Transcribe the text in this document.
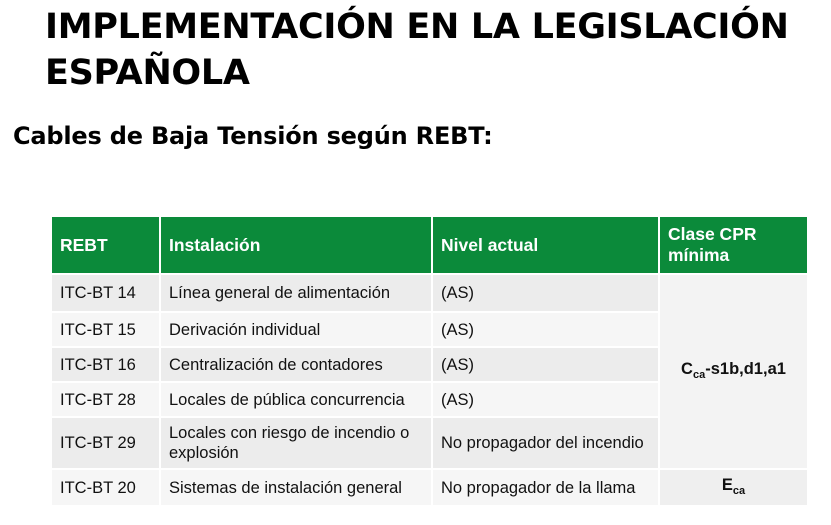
IMPLEMENTACIÓN EN LA LEGISLACIÓN ESPAÑOLA
Cables de Baja Tensión según REBT:
REBT	Instalación	Nivel actual	Clase CPR mínima
ITC-BT 14	Línea general de alimentación	(AS)	$C_{ca}-s1b,d1,a1$
ITC-BT 15	Derivación individual	(AS)	
ITC-BT 16	Centralización de contadores	(AS)	
ITC-BT 28	Locales de pública concurrencia	(AS)	
ITC-BT 29	Locales con riesgo de incendio o explosión	No propagador del incendio	
ITC-BT 20	Sistemas de instalación general	No propagador de la llama	$E_{ca}$
